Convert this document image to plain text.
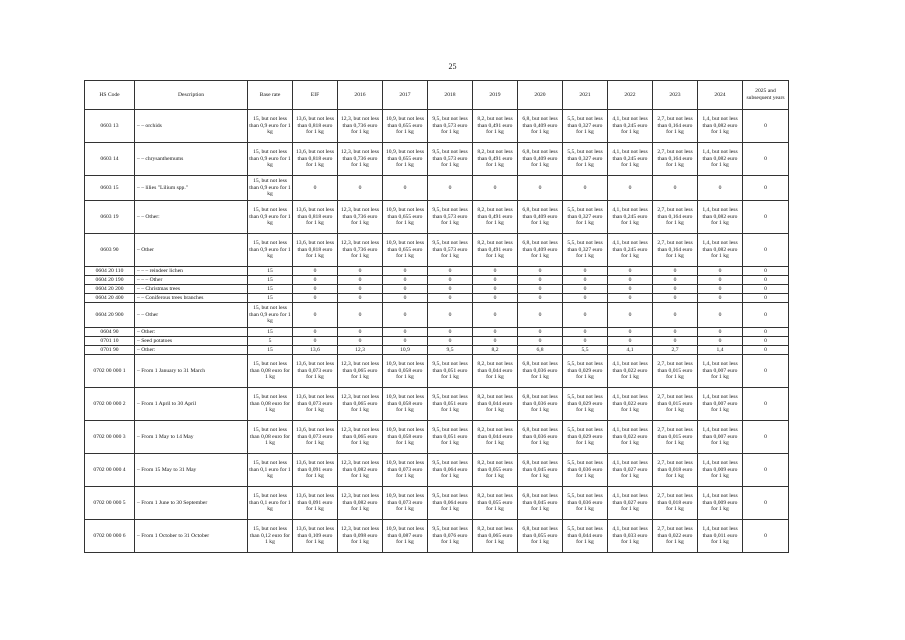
25
HS Code	Description	Base rate	EIF	2016	2017	2018	2019	2020	2021	2022	2023	2024	2025 and subsequent years
0603 13	– – orchids	15, but not less than 0,9 euro for 1 kg	13,6, but not less than 0,818 euro for 1 kg	12,3, but not less than 0,736 euro for 1 kg	10,9, but not less than 0,655 euro for 1 kg	9,5, but not less than 0,573 euro for 1 kg	8,2, but not less than 0,491 euro for 1 kg	6,8, but not less than 0,409 euro for 1 kg	5,5, but not less than 0,327 euro for 1 kg	4,1, but not less than 0,245 euro for 1 kg	2,7, but not less than 0,164 euro for 1 kg	1,4, but not less than 0,082 euro for 1 kg	0
0603 14	– – chrysanthemums	15, but not less than 0,9 euro for 1 kg	13,6, but not less than 0,818 euro for 1 kg	12,3, but not less than 0,736 euro for 1 kg	10,9, but not less than 0,655 euro for 1 kg	9,5, but not less than 0,573 euro for 1 kg	8,2, but not less than 0,491 euro for 1 kg	6,8, but not less than 0,409 euro for 1 kg	5,5, but not less than 0,327 euro for 1 kg	4,1, but not less than 0,245 euro for 1 kg	2,7, but not less than 0,164 euro for 1 kg	1,4, but not less than 0,082 euro for 1 kg	0
0603 15	– – lilies "Lilium spp."	15, but not less than 0,9 euro for 1 kg	0	0	0	0	0	0	0	0	0	0	0
0603 19	– – Other:	15, but not less than 0,9 euro for 1 kg	13,6, but not less than 0,818 euro for 1 kg	12,3, but not less than 0,736 euro for 1 kg	10,9, but not less than 0,655 euro for 1 kg	9,5, but not less than 0,573 euro for 1 kg	8,2, but not less than 0,491 euro for 1 kg	6,8, but not less than 0,409 euro for 1 kg	5,5, but not less than 0,327 euro for 1 kg	4,1, but not less than 0,245 euro for 1 kg	2,7, but not less than 0,164 euro for 1 kg	1,4, but not less than 0,082 euro for 1 kg	0
0603 90	– Other	15, but not less than 0,9 euro for 1 kg	13,6, but not less than 0,818 euro for 1 kg	12,3, but not less than 0,736 euro for 1 kg	10,9, but not less than 0,655 euro for 1 kg	9,5, but not less than 0,573 euro for 1 kg	8,2, but not less than 0,491 euro for 1 kg	6,8, but not less than 0,409 euro for 1 kg	5,5, but not less than 0,327 euro for 1 kg	4,1, but not less than 0,245 euro for 1 kg	2,7, but not less than 0,164 euro for 1 kg	1,4, but not less than 0,082 euro for 1 kg	0
0604 20 110	– – – reindeer lichen	15	0	0	0	0	0	0	0	0	0	0	0
0604 20 190	– – – Other	15	0	0	0	0	0	0	0	0	0	0	0
0604 20 200	– – Christmas trees	15	0	0	0	0	0	0	0	0	0	0	0
0604 20 400	– – Coniferous trees branches	15	0	0	0	0	0	0	0	0	0	0	0
0604 20 900	– – Other	15, but not less than 0,9 euro for 1 kg	0	0	0	0	0	0	0	0	0	0	0
0604 90	– Other:	15	0	0	0	0	0	0	0	0	0	0	0
0701 10	– Seed potatoes	5	0	0	0	0	0	0	0	0	0	0	0
0701 90	– Other:	15	13,6	12,3	10,9	9,5	8,2	6,8	5,5	4,1	2,7	1,4	0
0702 00 000 1	– From 1 January to 31 March	15, but not less than 0,08 euro for 1 kg	13,6, but not less than 0,073 euro for 1 kg	12,3, but not less than 0,065 euro for 1 kg	10,9, but not less than 0,058 euro for 1 kg	9,5, but not less than 0,051 euro for 1 kg	8,2, but not less than 0,044 euro for 1 kg	6,8, but not less than 0,036 euro for 1 kg	5,5, but not less than 0,029 euro for 1 kg	4,1, but not less than 0,022 euro for 1 kg	2,7, but not less than 0,015 euro for 1 kg	1,4, but not less than 0,007 euro for 1 kg	0
0702 00 000 2	– From 1 April to 30 April	15, but not less than 0,08 euro for 1 kg	13,6, but not less than 0,073 euro for 1 kg	12,3, but not less than 0,065 euro for 1 kg	10,9, but not less than 0,058 euro for 1 kg	9,5, but not less than 0,051 euro for 1 kg	8,2, but not less than 0,044 euro for 1 kg	6,8, but not less than 0,036 euro for 1 kg	5,5, but not less than 0,029 euro for 1 kg	4,1, but not less than 0,022 euro for 1 kg	2,7, but not less than 0,015 euro for 1 kg	1,4, but not less than 0,007 euro for 1 kg	0
0702 00 000 3	– From 1 May to 14 May	15, but not less than 0,08 euro for 1 kg	13,6, but not less than 0,073 euro for 1 kg	12,3, but not less than 0,065 euro for 1 kg	10,9, but not less than 0,058 euro for 1 kg	9,5, but not less than 0,051 euro for 1 kg	8,2, but not less than 0,044 euro for 1 kg	6,8, but not less than 0,036 euro for 1 kg	5,5, but not less than 0,029 euro for 1 kg	4,1, but not less than 0,022 euro for 1 kg	2,7, but not less than 0,015 euro for 1 kg	1,4, but not less than 0,007 euro for 1 kg	0
0702 00 000 4	– From 15 May to 31 May	15, but not less than 0,1 euro for 1 kg	13,6, but not less than 0,091 euro for 1 kg	12,3, but not less than 0,082 euro for 1 kg	10,9, but not less than 0,073 euro for 1 kg	9,5, but not less than 0,064 euro for 1 kg	8,2, but not less than 0,055 euro for 1 kg	6,8, but not less than 0,045 euro for 1 kg	5,5, but not less than 0,036 euro for 1 kg	4,1, but not less than 0,027 euro for 1 kg	2,7, but not less than 0,018 euro for 1 kg	1,4, but not less than 0,009 euro for 1 kg	0
0702 00 000 5	– From 1 June to 30 September	15, but not less than 0,1 euro for 1 kg	13,6, but not less than 0,091 euro for 1 kg	12,3, but not less than 0,082 euro for 1 kg	10,9, but not less than 0,073 euro for 1 kg	9,5, but not less than 0,064 euro for 1 kg	8,2, but not less than 0,055 euro for 1 kg	6,8, but not less than 0,045 euro for 1 kg	5,5, but not less than 0,036 euro for 1 kg	4,1, but not less than 0,027 euro for 1 kg	2,7, but not less than 0,018 euro for 1 kg	1,4, but not less than 0,009 euro for 1 kg	0
0702 00 000 6	– From 1 October to 31 October	15, but not less than 0,12 euro for 1 kg	13,6, but not less than 0,109 euro for 1 kg	12,3, but not less than 0,098 euro for 1 kg	10,9, but not less than 0,087 euro for 1 kg	9,5, but not less than 0,076 euro for 1 kg	8,2, but not less than 0,065 euro for 1 kg	6,8, but not less than 0,055 euro for 1 kg	5,5, but not less than 0,044 euro for 1 kg	4,1, but not less than 0,033 euro for 1 kg	2,7, but not less than 0,022 euro for 1 kg	1,4, but not less than 0,011 euro for 1 kg	0
